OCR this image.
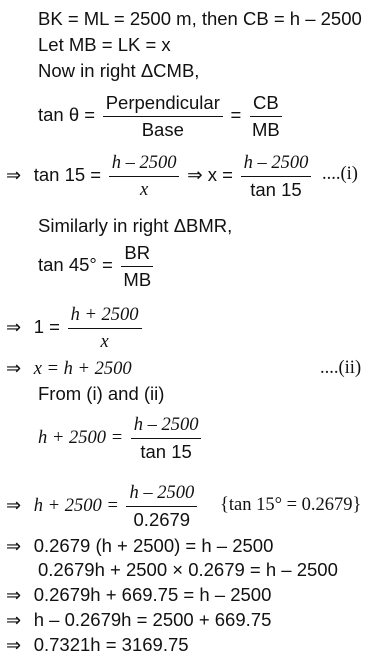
BK = ML = 2500 m, then CB = h – 2500
Let MB = LK = x
Now in right ΔCMB,
$\tan \theta = \frac{\text{Perpendicular}}{\text{Base}} = \frac{CB}{MB}$
⇒ $\tan 15 = \frac{h - 2500}{x}$ ⇒ $x = \frac{h - 2500}{\tan 15} ....(i)$
Similarly in right ΔBMR,
$\tan 45^\circ = \frac{BR}{MB}$
⇒ $1 = \frac{h + 2500}{x}$
⇒ x = h + 2500	....(ii)
From (i) and (ii)
$h + 2500 = \frac{h - 2500}{\tan 15}$
⇒ $h + 2500 = \frac{h - 2500}{0.2679} \{\tan$ 15° = 0.2679}
⇒ 0.2679 (h + 2500) = h – 2500
0.2679h + 2500 × 0.2679 = h – 2500
⇒ 0.2679h + 669.75 = h – 2500
⇒ h – 0.2679h = 2500 + 669.75
⇒ 0.7321h = 3169.75
